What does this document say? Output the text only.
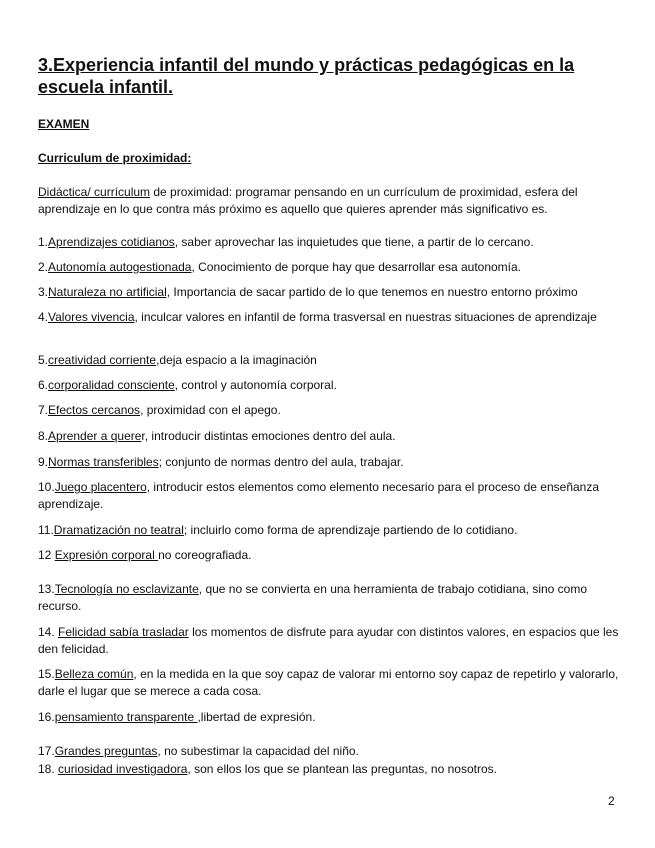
3.Experiencia infantil del mundo y prácticas pedagógicas en la escuela infantil.
EXAMEN
Curriculum de proximidad:

Didáctica/ currículum de proximidad: programar pensando en un currículum de proximidad, esfera del aprendizaje en lo que contra más próximo es aquello que quieres aprender más significativo es.

1.Aprendizajes cotidianos, saber aprovechar las inquietudes que tiene, a partir de lo cercano.
2.Autonomía autogestionada, Conocimiento de porque hay que desarrollar esa autonomía.
3.Naturaleza no artificial, Importancia de sacar partido de lo que tenemos en nuestro entorno próximo
4.Valores vivencia, inculcar valores en infantil de forma trasversal en nuestras situaciones de aprendizaje
5.creatividad corriente,deja espacio a la imaginación
6.corporalidad consciente, control y autonomía corporal.
7.Efectos cercanos, proximidad con el apego.
8.Aprender a querer, introducir distintas emociones dentro del aula.
9.Normas transferibles; conjunto de normas dentro del aula, trabajar.
10.Juego placentero, introducir estos elementos como elemento necesario para el proceso de enseñanza aprendizaje.
11.Dramatización no teatral; incluirlo como forma de aprendizaje partiendo de lo cotidiano.
12 Expresión corporal no coreografiada.
13.Tecnología no esclavizante, que no se convierta en una herramienta de trabajo cotidiana, sino como recurso.
14. Felicidad sabía trasladar los momentos de disfrute para ayudar con distintos valores, en espacios que les den felicidad.
15.Belleza común, en la medida en la que soy capaz de valorar mi entorno soy capaz de repetirlo y valorarlo, darle el lugar que se merece a cada cosa.
16.pensamiento transparente ,libertad de expresión.
17.Grandes preguntas, no subestimar la capacidad del niño.
18. curiosidad investigadora, son ellos los que se plantean las preguntas, no nosotros.
2
